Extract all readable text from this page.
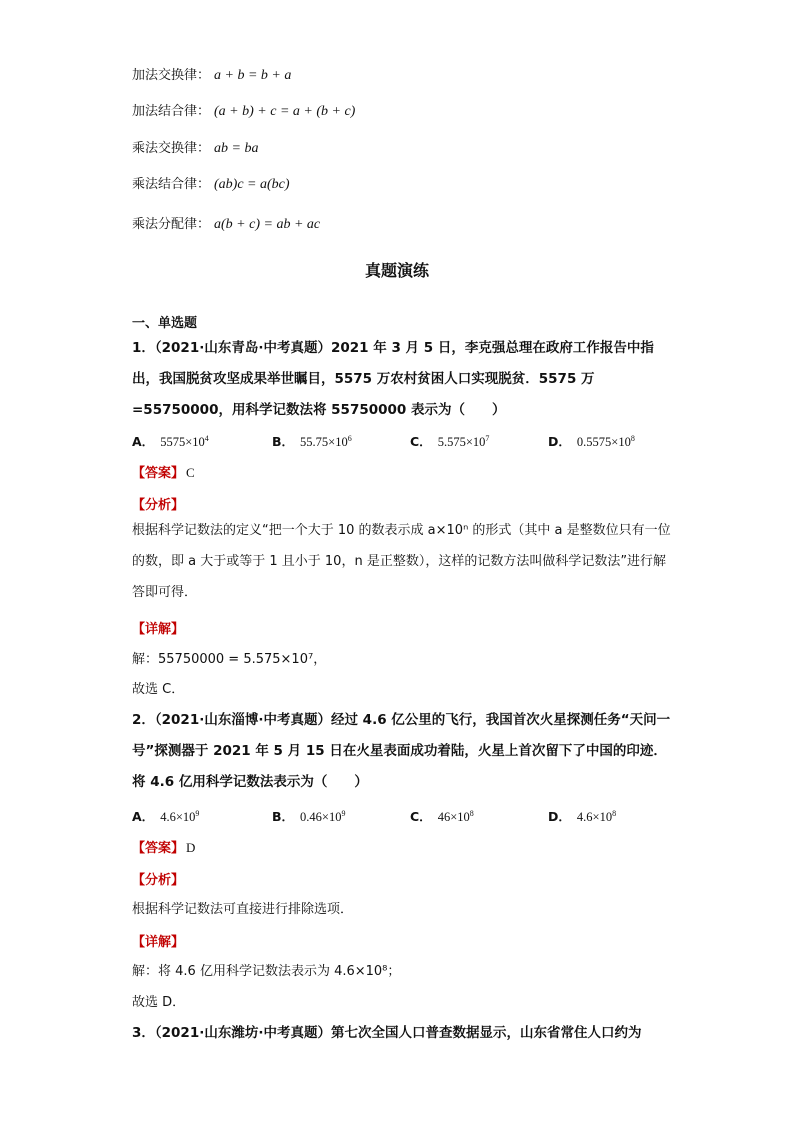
加法交换律： a + b = b + a
加法结合律： (a + b) + c = a + (b + c)
乘法交换律： ab = ba
乘法结合律： (ab)c = a(bc)
乘法分配律： a(b + c) = ab + ac
真题演练
一、单选题
1．（2021·山东青岛·中考真题）2021 年 3 月 5 日，李克强总理在政府工作报告中指出，我国脱贫攻坚成果举世瞩目，5575 万农村贫困人口实现脱贫．5575 万=55750000，用科学记数法将 55750000 表示为（　　）
A． $5575\times 10^4$	B． $55.75\times 10^6$	C． $5.575\times 10^7$	D． $0.5575\times 10^8$
【答案】 C
【分析】
根据科学记数法的定义“把一个大于 10 的数表示成 a×10ⁿ 的形式（其中 a 是整数位只有一位的数，即 a 大于或等于 1 且小于 10，n 是正整数），这样的记数方法叫做科学记数法”进行解答即可得．
【详解】
解：55750000 = 5.575×10⁷，
故选 C．
2．（2021·山东淄博·中考真题）经过 4.6 亿公里的飞行，我国首次火星探测任务“天问一号”探测器于 2021 年 5 月 15 日在火星表面成功着陆，火星上首次留下了中国的印迹．将 4.6 亿用科学记数法表示为（　　）
A． $4.6\times 10^9$	B． $0.46\times 10^9$	C． $46\times 10^8$	D． $4.6\times 10^8$
【答案】 D
【分析】
根据科学记数法可直接进行排除选项．
【详解】
解：将 4.6 亿用科学记数法表示为 4.6×10⁸；
故选 D．
3．（2021·山东潍坊·中考真题）第七次全国人口普查数据显示，山东省常住人口约为
